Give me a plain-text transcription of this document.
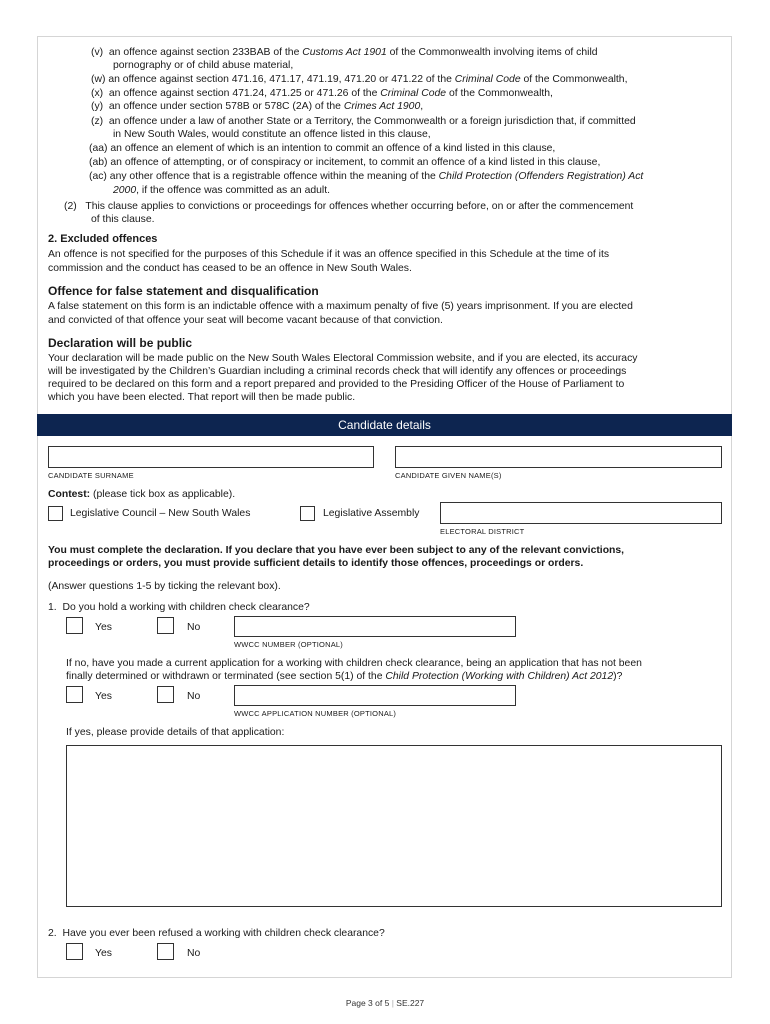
(v) an offence against section 233BAB of the Customs Act 1901 of the Commonwealth involving items of child
pornography or of child abuse material,
(w) an offence against section 471.16, 471.17, 471.19, 471.20 or 471.22 of the Criminal Code of the Commonwealth,
(x) an offence against section 471.24, 471.25 or 471.26 of the Criminal Code of the Commonwealth,
(y) an offence under section 578B or 578C (2A) of the Crimes Act 1900,
(z) an offence under a law of another State or a Territory, the Commonwealth or a foreign jurisdiction that, if committed
in New South Wales, would constitute an offence listed in this clause,
(aa) an offence an element of which is an intention to commit an offence of a kind listed in this clause,
(ab) an offence of attempting, or of conspiracy or incitement, to commit an offence of a kind listed in this clause,
(ac) any other offence that is a registrable offence within the meaning of the Child Protection (Offenders Registration) Act
2000, if the offence was committed as an adult.
(2) This clause applies to convictions or proceedings for offences whether occurring before, on or after the commencement
of this clause.
2. Excluded offences
An offence is not specified for the purposes of this Schedule if it was an offence specified in this Schedule at the time of its
commission and the conduct has ceased to be an offence in New South Wales.
Offence for false statement and disqualification
A false statement on this form is an indictable offence with a maximum penalty of five (5) years imprisonment. If you are elected
and convicted of that offence your seat will become vacant because of that conviction.
Declaration will be public
Your declaration will be made public on the New South Wales Electoral Commission website, and if you are elected, its accuracy
will be investigated by the Children’s Guardian including a criminal records check that will identify any offences or proceedings
required to be declared on this form and a report prepared and provided to the Presiding Officer of the House of Parliament to
which you have been elected. That report will then be made public.
Candidate details
CANDIDATE SURNAME	CANDIDATE GIVEN NAME(S)
Contest: (please tick box as applicable).
Legislative Council – New South Wales	Legislative Assembly
ELECTORAL DISTRICT
You must complete the declaration. If you declare that you have ever been subject to any of the relevant convictions,
proceedings or orders, you must provide sufficient details to identify those offences, proceedings or orders.
(Answer questions 1-5 by ticking the relevant box).
1. Do you hold a working with children check clearance?
Yes	No
WWCC NUMBER (OPTIONAL)
If no, have you made a current application for a working with children check clearance, being an application that has not been
finally determined or withdrawn or terminated (see section 5(1) of the Child Protection (Working with Children) Act 2012)?
Yes	No
WWCC APPLICATION NUMBER (OPTIONAL)
If yes, please provide details of that application:
2. Have you ever been refused a working with children check clearance?
Yes	No
Page 3 of 5 | SE.227
